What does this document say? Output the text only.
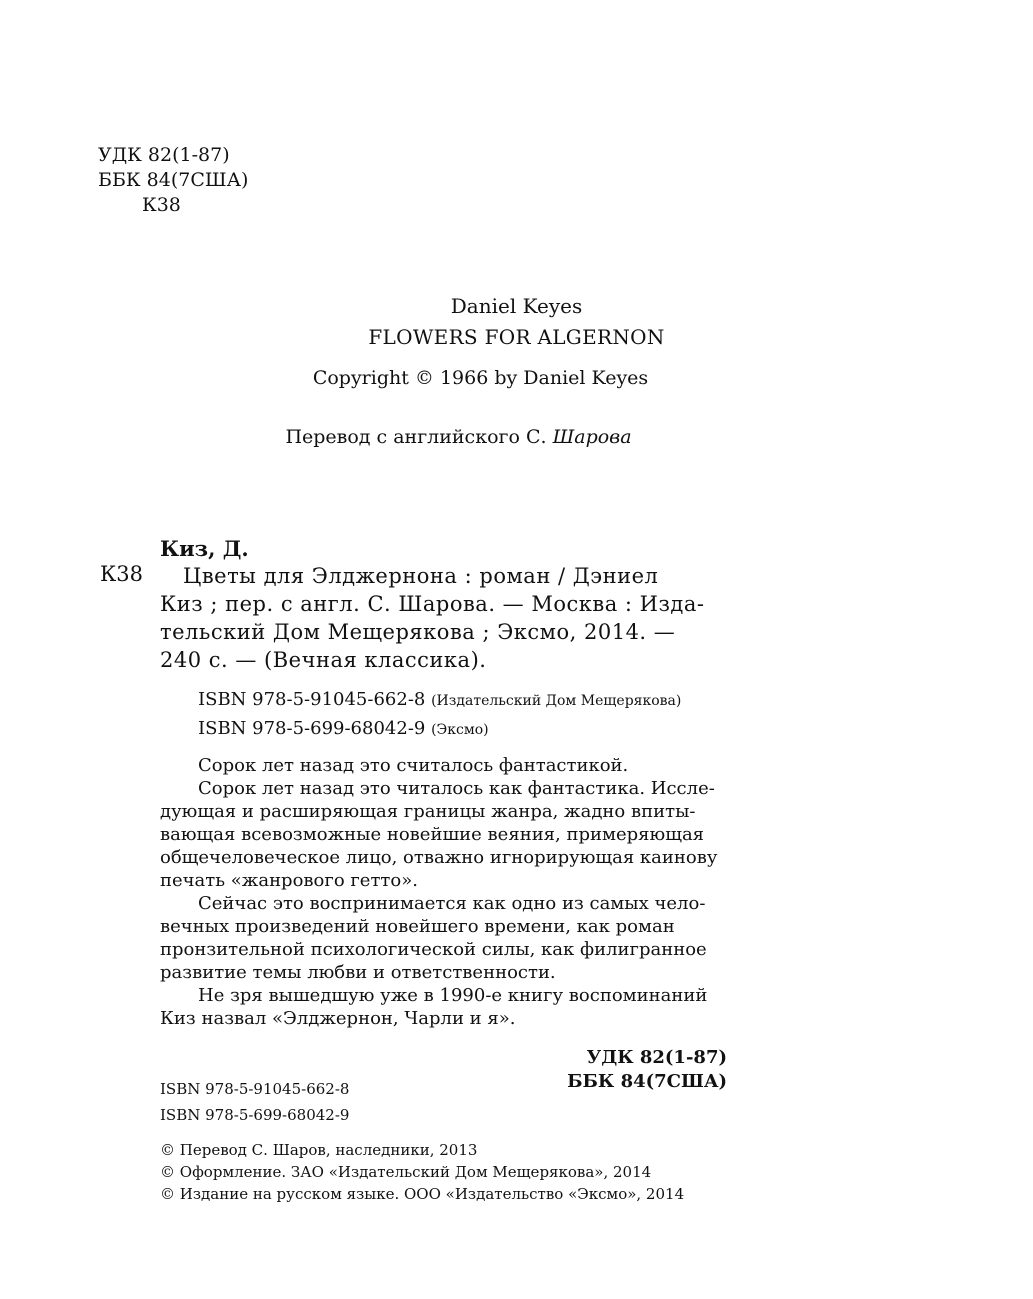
УДК 82(1-87)
ББК 84(7США)
К38
Daniel Keyes
FLOWERS FOR ALGERNON
Copyright © 1966 by Daniel Keyes
Перевод с английского С. Шарова
Киз, Д.
К38	Цветы для Элджернона : роман / Дэниел
Киз ; пер. с англ. С. Шарова. — Москва : Изда-
тельский Дом Мещерякова ; Эксмо, 2014. —
240 с. — (Вечная классика).
ISBN 978-5-91045-662-8 (Издательский Дом Мещерякова)
ISBN 978-5-699-68042-9 (Эксмо)
Сорок лет назад это считалось фантастикой.
Сорок лет назад это читалось как фантастика. Иссле-
дующая и расширяющая границы жанра, жадно впиты-
вающая всевозможные новейшие веяния, примеряющая
общечеловеческое лицо, отважно игнорирующая каинову
печать «жанрового гетто».
Сейчас это воспринимается как одно из самых чело-
вечных произведений новейшего времени, как роман
пронзительной психологической силы, как филигранное
развитие темы любви и ответственности.
Не зря вышедшую уже в 1990-е книгу воспоминаний
Киз назвал «Элджернон, Чарли и я».
УДК 82(1-87)
ББК 84(7США)
ISBN 978-5-91045-662-8
ISBN 978-5-699-68042-9
© Перевод С. Шаров, наследники, 2013
© Оформление. ЗАО «Издательский Дом Мещерякова», 2014
© Издание на русском языке. ООО «Издательство «Эксмо», 2014
